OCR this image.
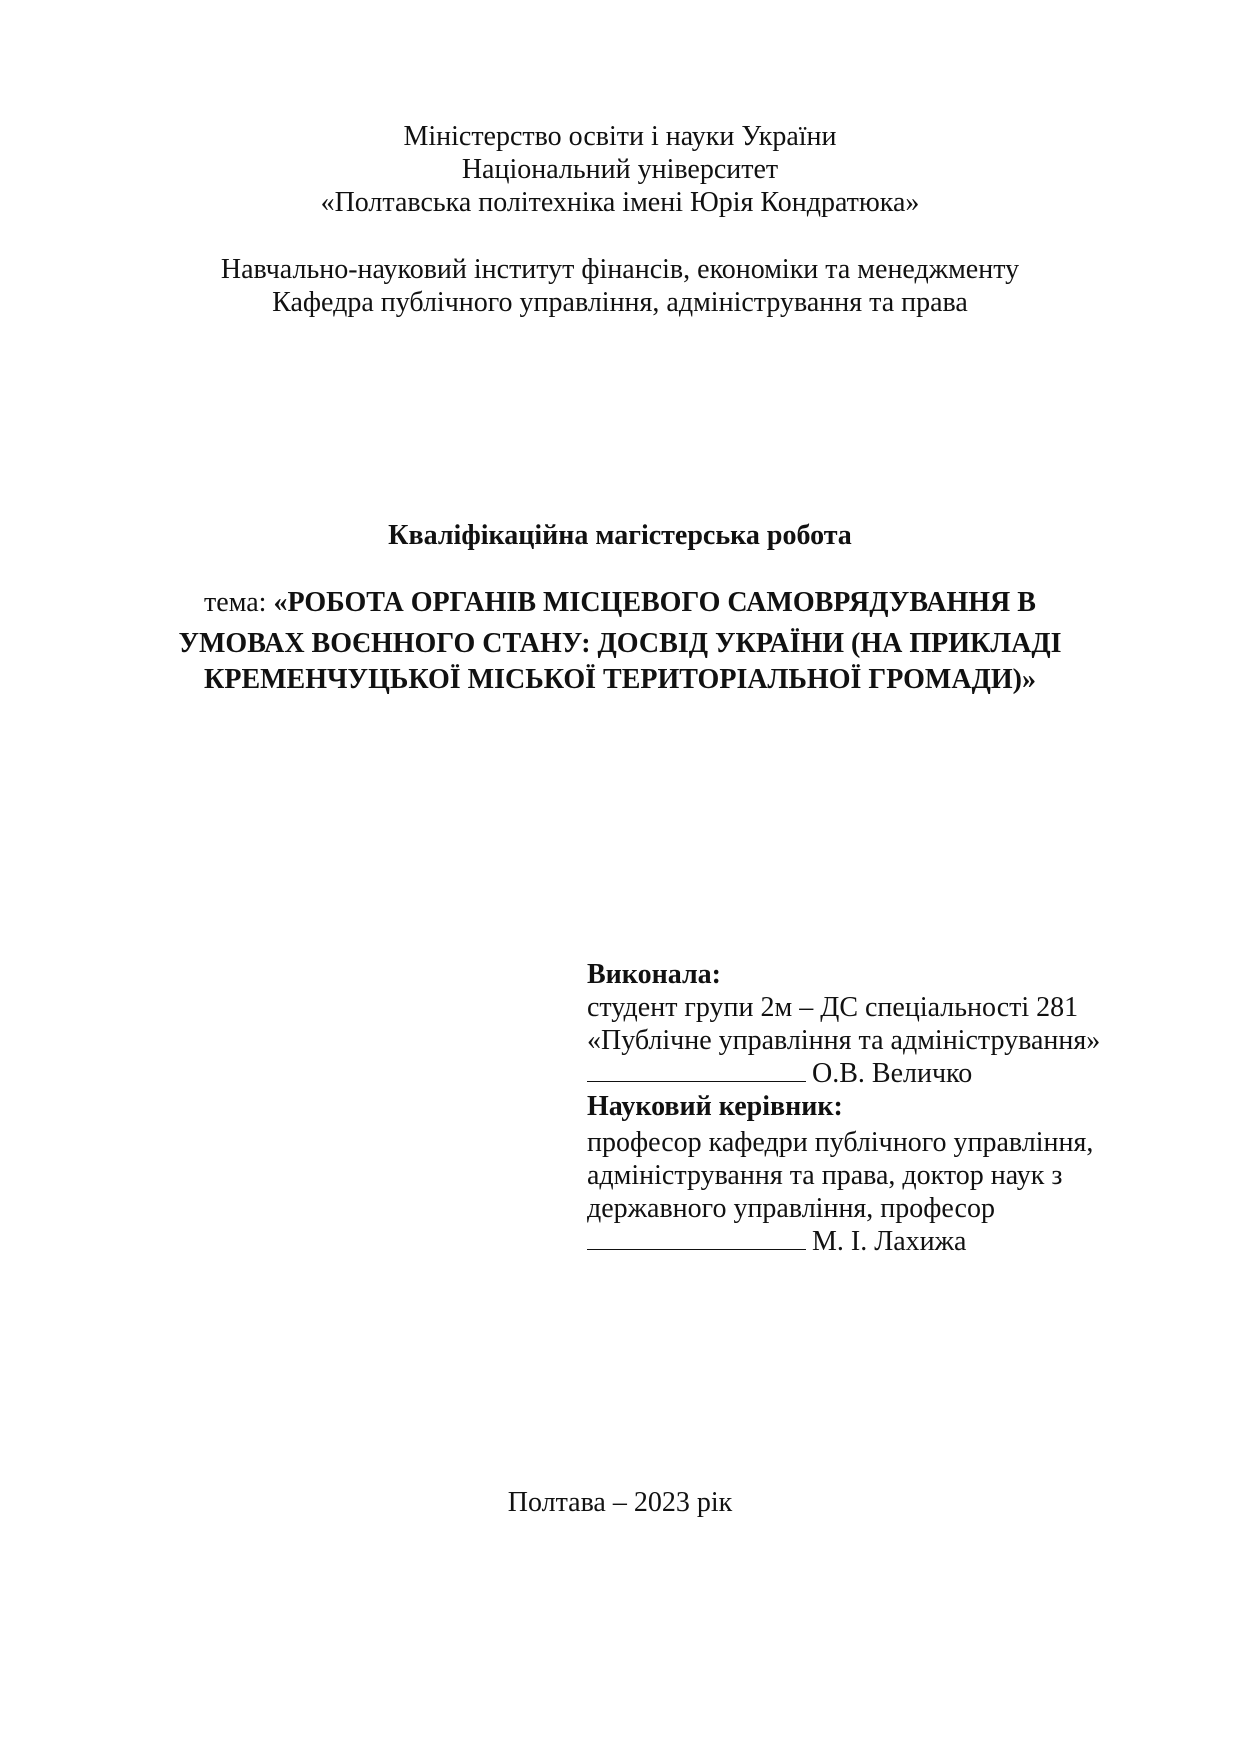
Міністерство освіти і науки України
Національний університет
«Полтавська політехніка імені Юрія Кондратюка»
Навчально-науковий інститут фінансів, економіки та менеджменту
Кафедра публічного управління, адміністрування та права
Кваліфікаційна магістерська робота
тема: «РОБОТА ОРГАНІВ МІСЦЕВОГО САМОВРЯДУВАННЯ В
УМОВАХ ВОЄННОГО СТАНУ: ДОСВІД УКРАЇНИ (НА ПРИКЛАДІ
КРЕМЕНЧУЦЬКОЇ МІСЬКОЇ ТЕРИТОРІАЛЬНОЇ ГРОМАДИ)»
Виконала:
студент групи 2м – ДС спеціальності 281
«Публічне управління та адміністрування»
О.В. Величко
Науковий керівник:
професор кафедри публічного управління,
адміністрування та права, доктор наук з
державного управління, професор
М. І. Лахижа
Полтава – 2023 рік
